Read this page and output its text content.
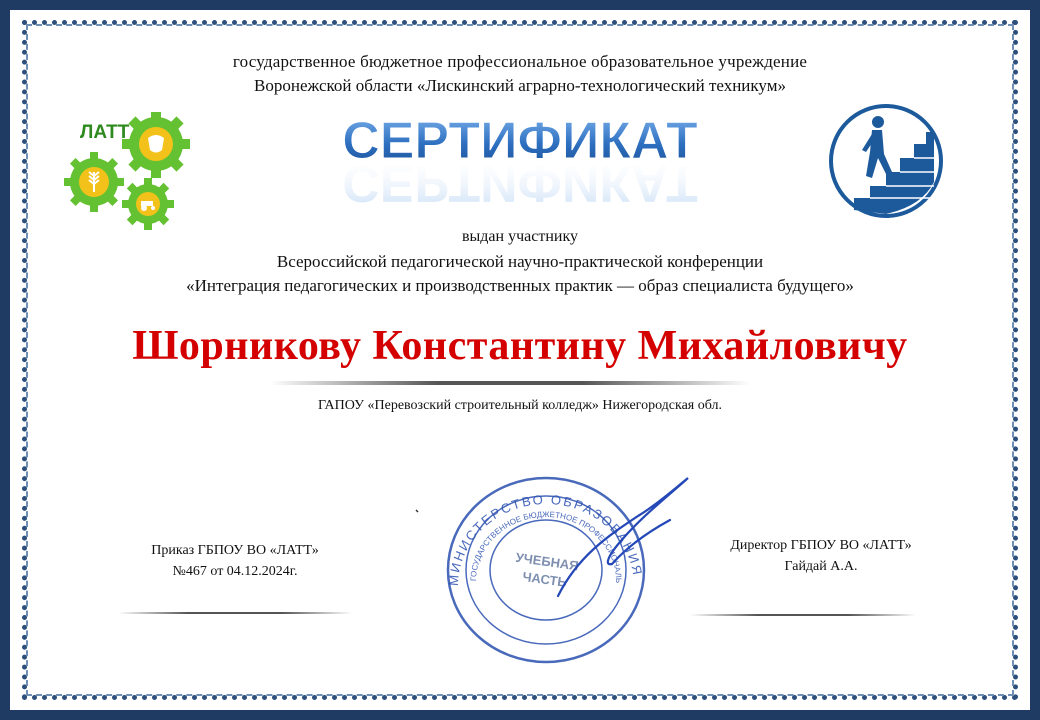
государственное бюджетное профессиональное образовательное учреждение
Воронежской области «Лискинский аграрно-технологический техникум»
ЛАТТ	СЕРТИФИКАТ
СЕРТИФИКАТ
выдан участнику
Всероссийской педагогической научно-практической конференции
«Интеграция педагогических и производственных практик — образ специалиста будущего»
Шорникову Константину Михайловичу
ГАПОУ «Перевозский строительный колледж» Нижегородская обл.
МИНИСТЕРСТВО ОБРАЗОВАНИЯ
ГОСУДАРСТВЕННОЕ БЮДЖЕТНОЕ ПРОФЕССИОНАЛЬ
УЧЕБНАЯ
ЧАСТЬ
Приказ ГБПОУ ВО «ЛАТТ»
№467 от 04.12.2024г.
Директор ГБПОУ ВО «ЛАТТ»
Гайдай А.А.
